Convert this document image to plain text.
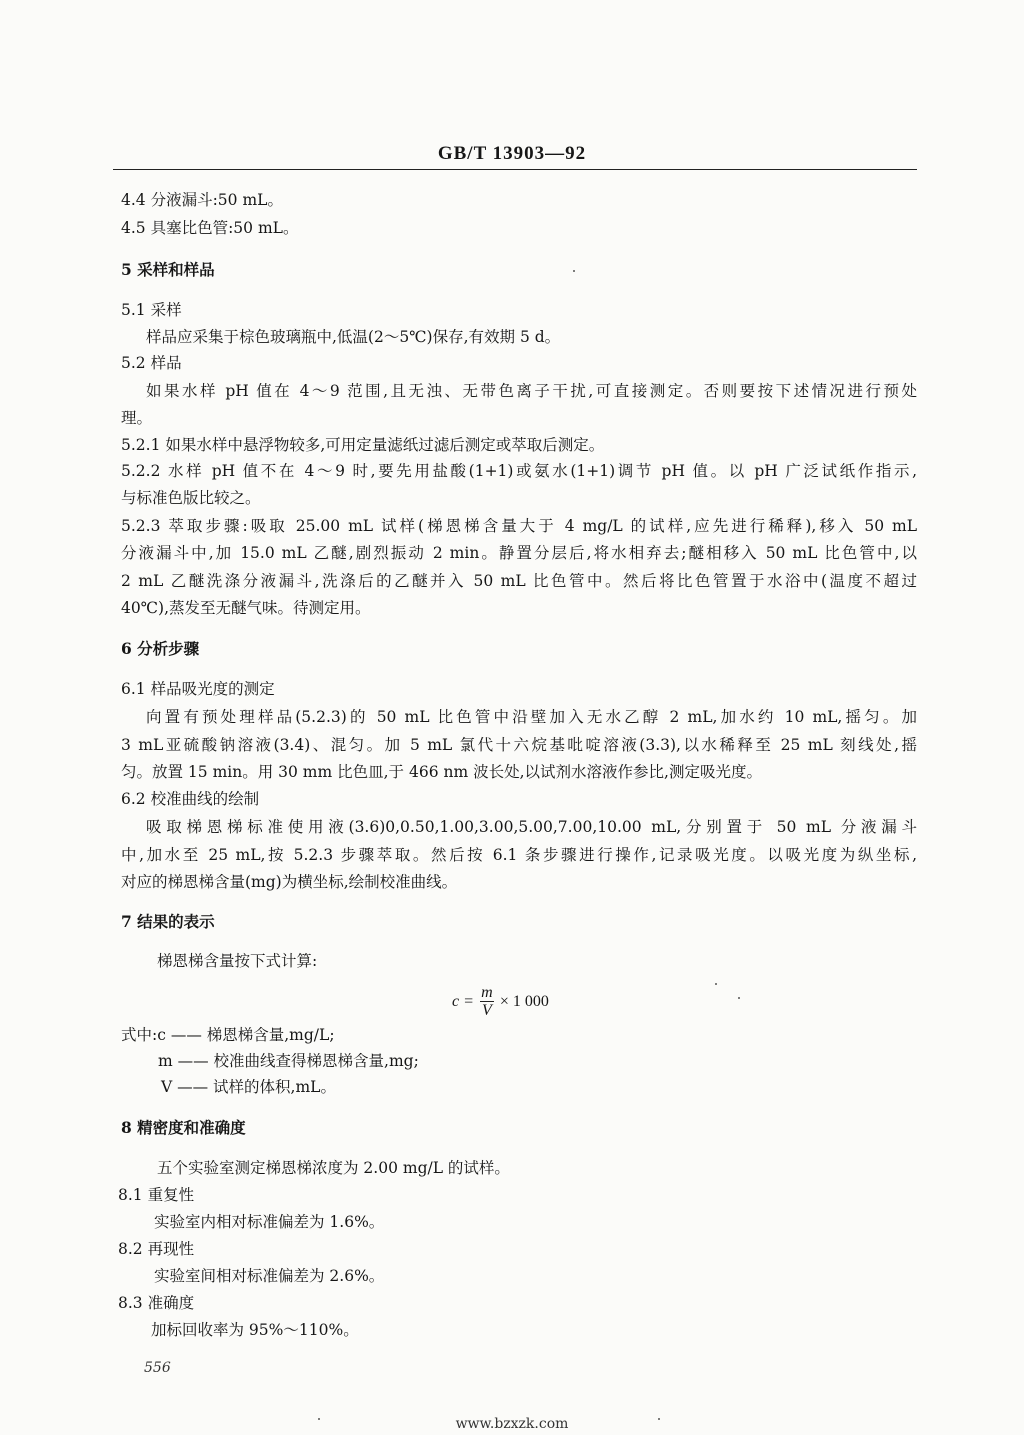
GB/T 13903—92
4.4 分液漏斗:50 mL。
4.5 具塞比色管:50 mL。
5 采样和样品
5.1 采样
样品应采集于棕色玻璃瓶中,低温(2～5℃)保存,有效期 5 d。
5.2 样品
如果水样 pH 值在 4～9 范围,且无浊、无带色离子干扰,可直接测定。否则要按下述情况进行预处
理。
5.2.1 如果水样中悬浮物较多,可用定量滤纸过滤后测定或萃取后测定。
5.2.2 水样 pH 值不在 4～9 时,要先用盐酸(1+1)或氨水(1+1)调节 pH 值。以 pH 广泛试纸作指示,
与标准色版比较之。
5.2.3 萃取步骤:吸取 25.00 mL 试样(梯恩梯含量大于 4 mg/L 的试样,应先进行稀释),移入 50 mL
分液漏斗中,加 15.0 mL 乙醚,剧烈振动 2 min。静置分层后,将水相弃去;醚相移入 50 mL 比色管中,以
2 mL 乙醚洗涤分液漏斗,洗涤后的乙醚并入 50 mL 比色管中。然后将比色管置于水浴中(温度不超过
40℃),蒸发至无醚气味。待测定用。
6 分析步骤
6.1 样品吸光度的测定
向置有预处理样品(5.2.3)的 50 mL 比色管中沿壁加入无水乙醇 2 mL,加水约 10 mL,摇匀。加
3 mL亚硫酸钠溶液(3.4)、混匀。加 5 mL 氯代十六烷基吡啶溶液(3.3),以水稀释至 25 mL 刻线处,摇
匀。放置 15 min。用 30 mm 比色皿,于 466 nm 波长处,以试剂水溶液作参比,测定吸光度。
6.2 校准曲线的绘制
吸取梯恩梯标准使用液(3.6)0,0.50,1.00,3.00,5.00,7.00,10.00 mL,分别置于 50 mL 分液漏斗
中,加水至 25 mL,按 5.2.3 步骤萃取。然后按 6.1 条步骤进行操作,记录吸光度。以吸光度为纵坐标,
对应的梯恩梯含量(mg)为横坐标,绘制校准曲线。
7 结果的表示
梯恩梯含量按下式计算:
$c = \frac{m}{V} \times 1$ 000
式中:c —— 梯恩梯含量,mg/L;
m —— 校准曲线查得梯恩梯含量,mg;
V —— 试样的体积,mL。
8 精密度和准确度
五个实验室测定梯恩梯浓度为 2.00 mg/L 的试样。
8.1 重复性
实验室内相对标准偏差为 1.6%。
8.2 再现性
实验室间相对标准偏差为 2.6%。
8.3 准确度
加标回收率为 95%～110%。
556
www.bzxzk.com
